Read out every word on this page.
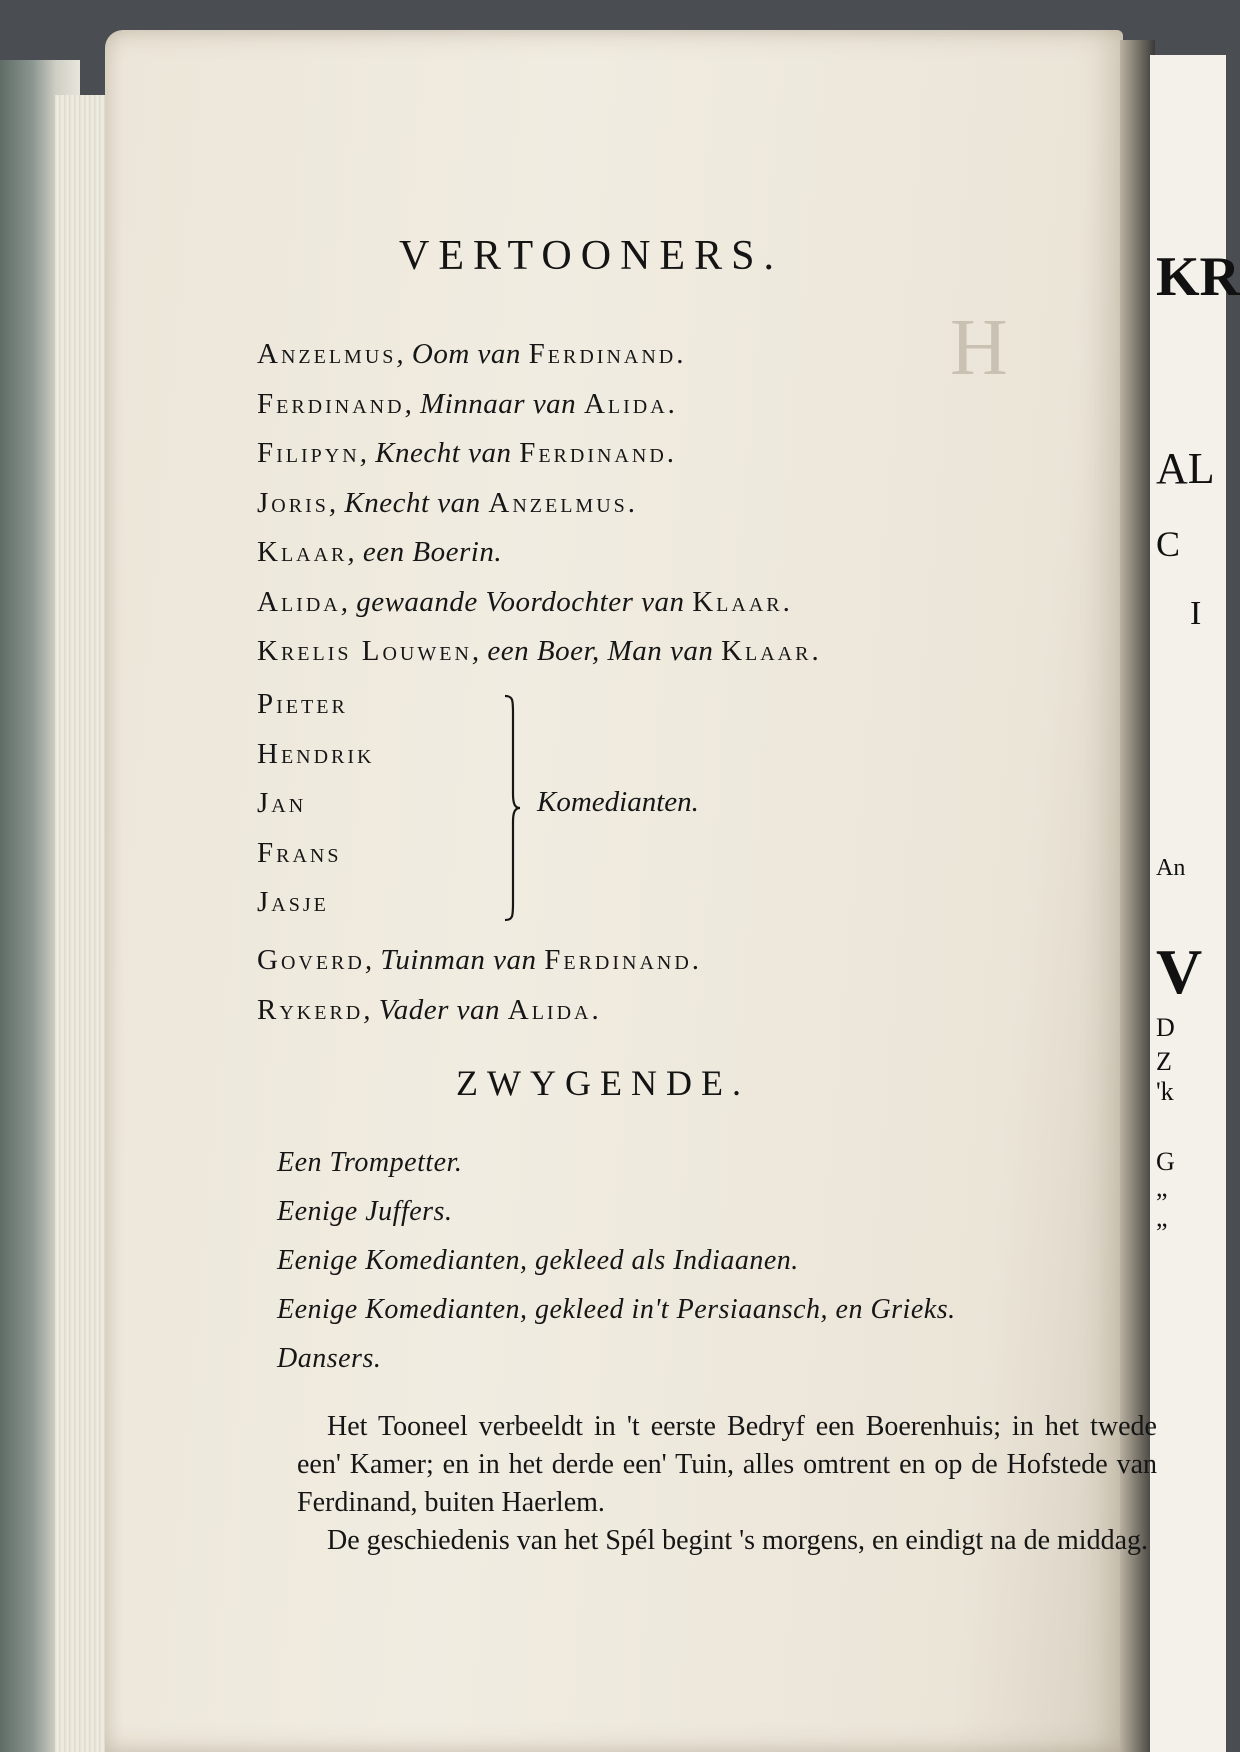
KR
H
AL
C
I
An
V
D
Z
'k
G
„
„
VERTOONERS.
Anzelmus, Oom van Ferdinand.
Ferdinand, Minnaar van Alida.
Filipyn, Knecht van Ferdinand.
Joris, Knecht van Anzelmus.
Klaar, een Boerin.
Alida, gewaande Voordochter van Klaar.
Krelis Louwen, een Boer, Man van Klaar.
Pieter
Hendrik
Jan
Frans
Jasje
Komedianten.
Goverd, Tuinman van Ferdinand.
Rykerd, Vader van Alida.
ZWYGENDE.
Een Trompetter.
Eenige Juffers.
Eenige Komedianten, gekleed als Indiaanen.
Eenige Komedianten, gekleed in't Persiaansch, en Grieks.
Dansers.

Het Tooneel verbeeldt in 't eerste Bedryf een Boerenhuis; in het twede een' Kamer; en in het derde een' Tuin, alles omtrent en op de Hofstede van Ferdinand, buiten Haerlem.

De geschiedenis van het Spél begint 's morgens, en eindigt na de middag.
